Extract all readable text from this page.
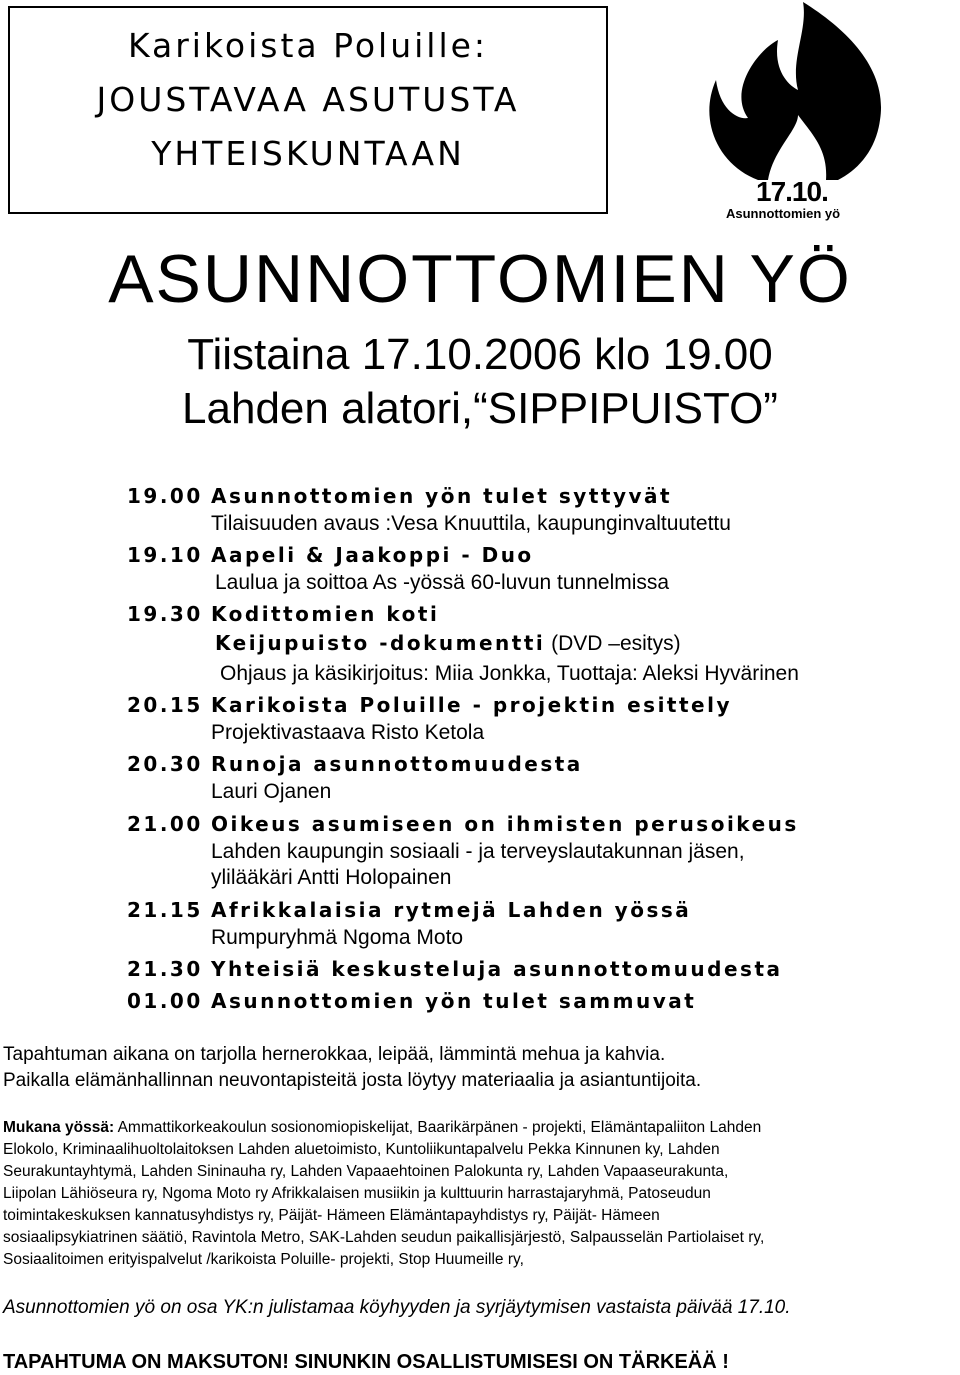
Karikoista Poluille:
JOUSTAVAA ASUTUSTA
YHTEISKUNTAAN
17.10.
Asunnottomien yö
ASUNNOTTOMIEN YÖ
Tiistaina 17.10.2006 klo 19.00
Lahden alatori,“SIPPIPUISTO”
19.00 Asunnottomien yön tulet syttyvät
Tilaisuuden avaus :Vesa Knuuttila, kaupunginvaltuutettu
19.10 Aapeli & Jaakoppi - Duo
Laulua ja soittoa As -yössä 60-luvun tunnelmissa
19.30 Kodittomien koti
Keijupuisto -dokumentti (DVD –esitys)
Ohjaus ja käsikirjoitus: Miia Jonkka, Tuottaja: Aleksi Hyvärinen
20.15 Karikoista Poluille - projektin esittely
Projektivastaava Risto Ketola
20.30 Runoja asunnottomuudesta
Lauri Ojanen
21.00 Oikeus asumiseen on ihmisten perusoikeus
Lahden kaupungin sosiaali - ja terveyslautakunnan jäsen,
ylilääkäri Antti Holopainen
21.15 Afrikkalaisia rytmejä Lahden yössä
Rumpuryhmä Ngoma Moto
21.30 Yhteisiä keskusteluja asunnottomuudesta
01.00 Asunnottomien yön tulet sammuvat
Tapahtuman aikana on tarjolla hernerokkaa, leipää, lämmintä mehua ja kahvia.
Paikalla elämänhallinnan neuvontapisteitä josta löytyy materiaalia ja asiantuntijoita.
Mukana yössä: Ammattikorkeakoulun sosionomiopiskelijat, Baarikärpänen - projekti, Elämäntapaliiton Lahden
Elokolo, Kriminaalihuoltolaitoksen Lahden aluetoimisto, Kuntoliikuntapalvelu Pekka Kinnunen ky, Lahden
Seurakuntayhtymä, Lahden Sininauha ry, Lahden Vapaaehtoinen Palokunta ry, Lahden Vapaaseurakunta,
Liipolan Lähiöseura ry, Ngoma Moto ry Afrikkalaisen musiikin ja kulttuurin harrastajaryhmä, Patoseudun
toimintakeskuksen kannatusyhdistys ry, Päijät- Hämeen Elämäntapayhdistys ry, Päijät- Hämeen
sosiaalipsykiatrinen säätiö, Ravintola Metro, SAK-Lahden seudun paikallisjärjestö, Salpausselän Partiolaiset ry,
Sosiaalitoimen erityispalvelut /karikoista Poluille- projekti, Stop Huumeille ry,
Asunnottomien yö on osa YK:n julistamaa köyhyyden ja syrjäytymisen vastaista päivää 17.10.
TAPAHTUMA ON MAKSUTON! SINUNKIN OSALLISTUMISESI ON TÄRKEÄÄ !
